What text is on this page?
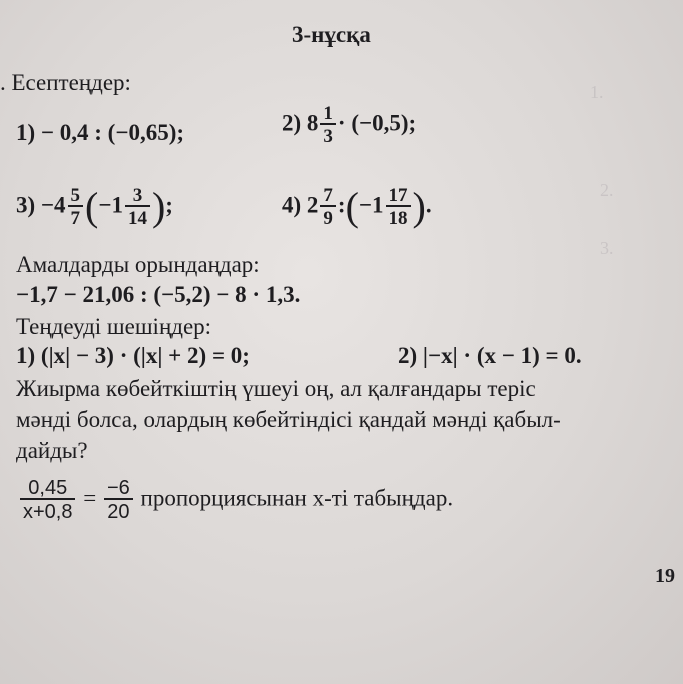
1.
2.
3.
3-нұсқа
. Есептеңдер:
1) − 0,4 : (−0,65);	2) $8 \frac{1}{3} \cdot (-0,5)$;
$3) -4 \frac{5}{7} (-1 \frac{3}{14}$ );	4) $2 \frac{7}{9}$ :(−1 $\frac{17}{18}$ ).
Амалдарды орындаңдар:
−1,7 − 21,06 : (−5,2) − 8 · 1,3.
Теңдеуді шешіңдер:
1) (|x| − 3) · (|x| + 2) = 0;	2) |−x| · (x − 1) = 0.
Жиырма көбейткіштің үшеуі оң, ал қалғандары теріс
мәнді болса, олардың көбейтіндісі қандай мәнді қабыл-
дайды?
$\frac{0,45}{x+0,8} = \frac{-6}{20}$ пропорциясынан x-ті табыңдар.
19
